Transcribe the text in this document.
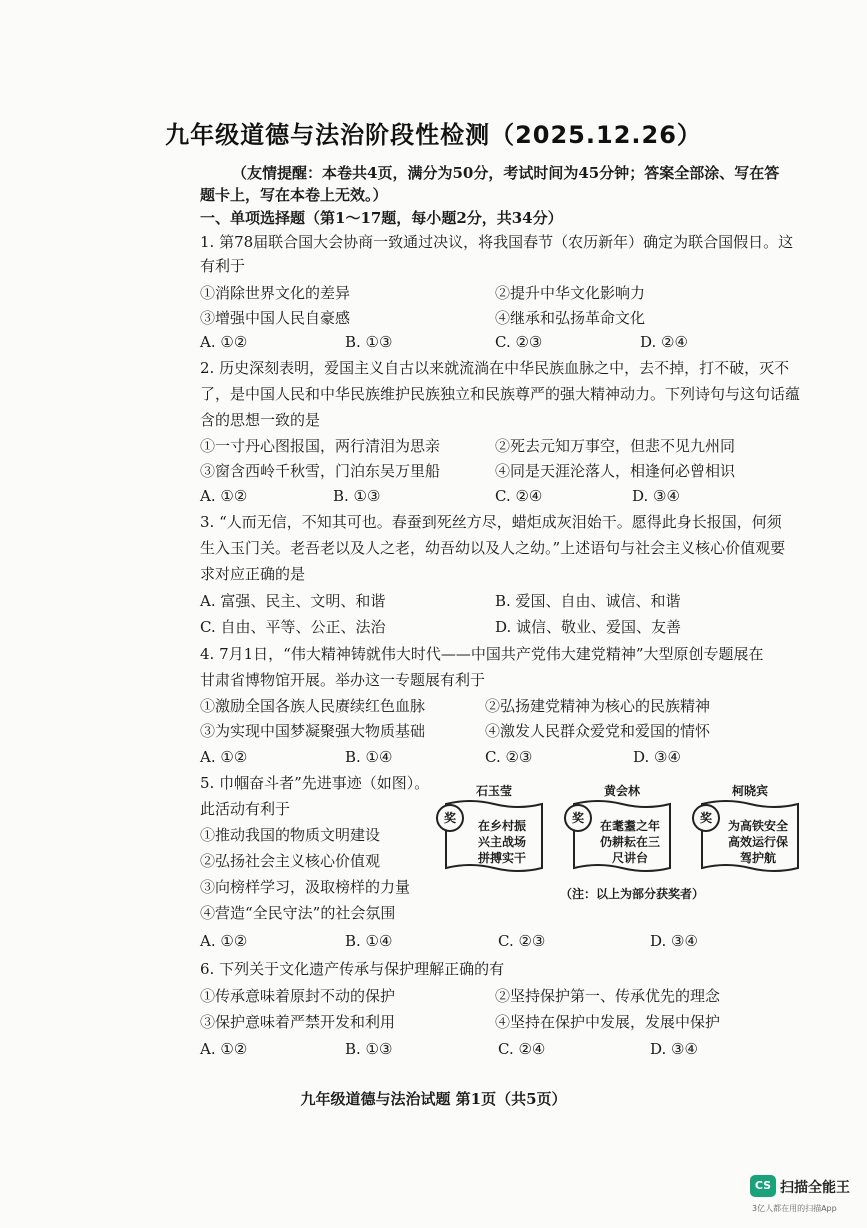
九年级道德与法治阶段性检测（2025.12.26）
（友情提醒：本卷共4页，满分为50分，考试时间为45分钟；答案全部涂、写在答
题卡上，写在本卷上无效。）
一、单项选择题（第1～17题，每小题2分，共34分）
1. 第78届联合国大会协商一致通过决议，将我国春节（农历新年）确定为联合国假日。这
有利于
①消除世界文化的差异	②提升中华文化影响力
③增强中国人民自豪感	④继承和弘扬革命文化
A. ①②	B. ①③	C. ②③	D. ②④
2. 历史深刻表明，爱国主义自古以来就流淌在中华民族血脉之中，去不掉，打不破，灭不
了，是中国人民和中华民族维护民族独立和民族尊严的强大精神动力。下列诗句与这句话蕴
含的思想一致的是
①一寸丹心图报国，两行清泪为思亲	②死去元知万事空，但悲不见九州同
③窗含西岭千秋雪，门泊东吴万里船	④同是天涯沦落人，相逢何必曾相识
A. ①②	B. ①③	C. ②④	D. ③④
3. “人而无信，不知其可也。春蚕到死丝方尽，蜡炬成灰泪始干。愿得此身长报国，何须
生入玉门关。老吾老以及人之老，幼吾幼以及人之幼。”上述语句与社会主义核心价值观要
求对应正确的是
A. 富强、民主、文明、和谐	B. 爱国、自由、诚信、和谐
C. 自由、平等、公正、法治	D. 诚信、敬业、爱国、友善
4. 7月1日，“伟大精神铸就伟大时代——中国共产党伟大建党精神”大型原创专题展在
甘肃省博物馆开展。举办这一专题展有利于
①激励全国各族人民赓续红色血脉	②弘扬建党精神为核心的民族精神
③为实现中国梦凝聚强大物质基础	④激发人民群众爱党和爱国的情怀
A. ①②	B. ①④	C. ②③	D. ③④
5. 巾帼奋斗者”先进事迹（如图）。
此活动有利于
①推动我国的物质文明建设
②弘扬社会主义核心价值观
③向榜样学习，汲取榜样的力量
④营造“全民守法”的社会氛围
A. ①②	B. ①④	C. ②③	D. ③④
石玉莹
奖
在乡村振
兴主战场
拼搏实干
黄会林
奖
在耄耋之年
仍耕耘在三
尺讲台
柯晓宾
奖
为高铁安全
高效运行保
驾护航
（注：以上为部分获奖者）
6. 下列关于文化遗产传承与保护理解正确的有
①传承意味着原封不动的保护	②坚持保护第一、传承优先的理念
③保护意味着严禁开发和利用	④坚持在保护中发展，发展中保护
A. ①②	B. ①③	C. ②④	D. ③④
九年级道德与法治试题 第1页（共5页）
CS 扫描全能王
3亿人都在用的扫描App
